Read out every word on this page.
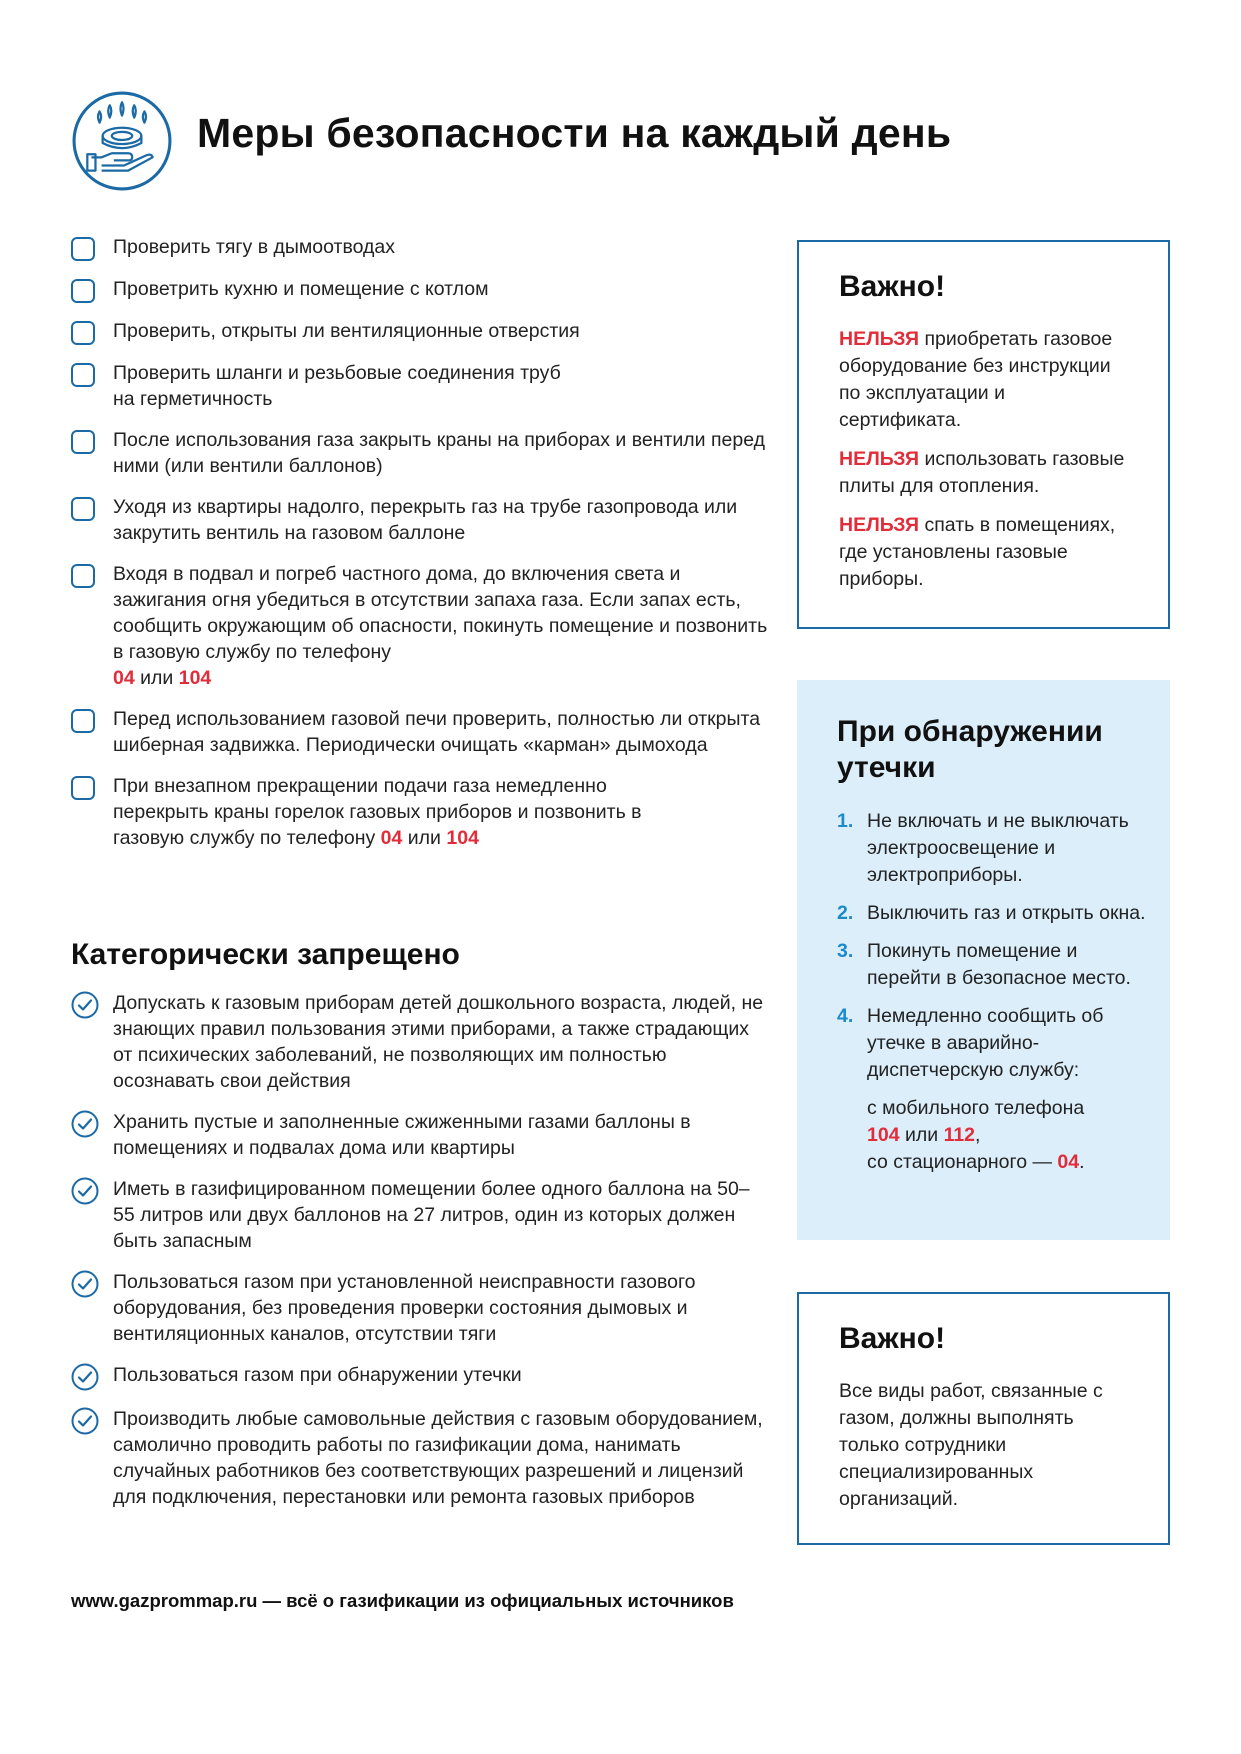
Меры безопасности на каждый день
Проверить тягу в дымоотводах
Проветрить кухню и помещение с котлом
Проверить, открыты ли вентиляционные отверстия
Проверить шланги и резьбовые соединения труб на герметичность
После использования газа закрыть краны на приборах и вентили перед ними (или вентили баллонов)
Уходя из квартиры надолго, перекрыть газ на трубе газопровода или закрутить вентиль на газовом баллоне
Входя в подвал и погреб частного дома, до включения света и зажигания огня убедиться в отсутствии запаха газа. Если запах есть, сообщить окружающим об опасности, покинуть помещение и позвонить в газовую службу по телефону
04 или 104
Перед использованием газовой печи проверить, полностью ли открыта шиберная задвижка. Периодически очищать «карман» дымохода
При внезапном прекращении подачи газа немедленно перекрыть краны горелок газовых приборов и позвонить в газовую службу по телефону 04 или 104
Категорически запрещено
Допускать к газовым приборам детей дошкольного возраста, людей, не знающих правил пользования этими приборами, а также страдающих от психических заболеваний, не позволяющих им полностью осознавать свои действия
Хранить пустые и заполненные сжиженными газами баллоны в помещениях и подвалах дома или квартиры
Иметь в газифицированном помещении более одного баллона на 50–55 литров или двух баллонов на 27 литров, один из которых должен быть запасным
Пользоваться газом при установленной неисправности газового оборудования, без проведения проверки состояния дымовых и вентиляционных каналов, отсутствии тяги
Пользоваться газом при обнаружении утечки
Производить любые самовольные действия с газовым оборудованием, самолично проводить работы по газификации дома, нанимать случайных работников без соответствующих разрешений и лицензий для подключения, перестановки или ремонта газовых приборов
Важно!

НЕЛЬЗЯ приобретать газовое оборудование без инструкции по эксплуатации и сертификата.

НЕЛЬЗЯ использовать газовые плиты для отопления.

НЕЛЬЗЯ спать в помещениях, где установлены газовые приборы.

При обнаружении утечки
1. Не включать и не выключать электроосвещение и электроприборы.
2. Выключить газ и открыть окна.
3. Покинуть помещение и перейти в безопасное место.
4. Немедленно сообщить об утечке в аварийно-диспетчерскую службу:
с мобильного телефона
104 или 112,
со стационарного — 04.
Важно!

Все виды работ, связанные с газом, должны выполнять только сотрудники специализированных организаций.

www.gazprommap.ru — всё о газификации из официальных источников
